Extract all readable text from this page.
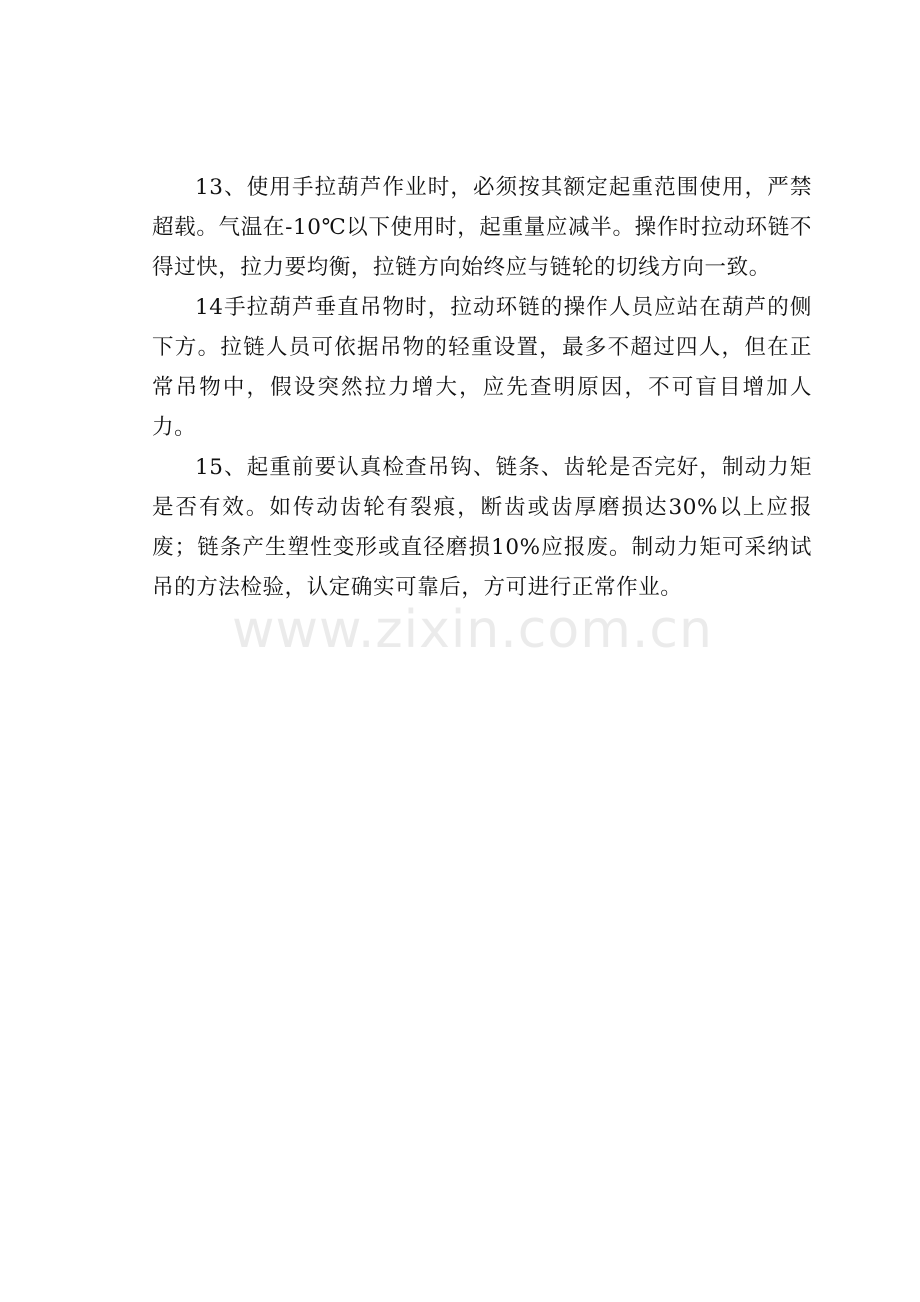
13、使用手拉葫芦作业时，必须按其额定起重范围使用，严禁超载。气温在-10℃以下使用时，起重量应减半。操作时拉动环链不得过快，拉力要均衡，拉链方向始终应与链轮的切线方向一致。

14手拉葫芦垂直吊物时，拉动环链的操作人员应站在葫芦的侧下方。拉链人员可依据吊物的轻重设置，最多不超过四人，但在正常吊物中，假设突然拉力增大，应先查明原因，不可盲目增加人力。

15、起重前要认真检查吊钩、链条、齿轮是否完好，制动力矩是否有效。如传动齿轮有裂痕，断齿或齿厚磨损达30%以上应报废；链条产生塑性变形或直径磨损10%应报废。制动力矩可采纳试吊的方法检验，认定确实可靠后，方可进行正常作业。

www.zixin.com.cn
